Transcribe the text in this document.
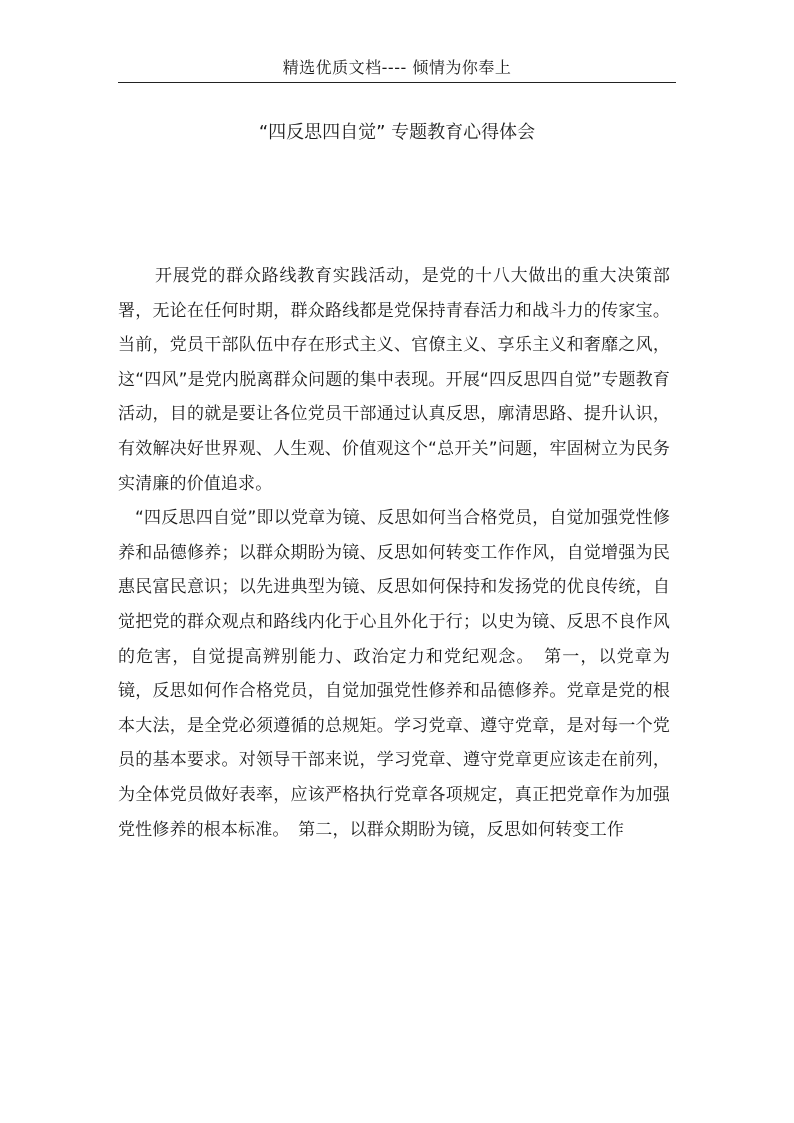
精选优质文档---- 倾情为你奉上
“四反思四自觉” 专题教育心得体会

开展党的群众路线教育实践活动，是党的十八大做出的重大决策部署，无论在任何时期，群众路线都是党保持青春活力和战斗力的传家宝。当前，党员干部队伍中存在形式主义、官僚主义、享乐主义和奢靡之风，这“四风”是党内脱离群众问题的集中表现。开展“四反思四自觉”专题教育活动，目的就是要让各位党员干部通过认真反思，廓清思路、提升认识，有效解决好世界观、人生观、价值观这个“总开关”问题，牢固树立为民务实清廉的价值追求。

“四反思四自觉”即以党章为镜、反思如何当合格党员，自觉加强党性修养和品德修养；以群众期盼为镜、反思如何转变工作作风，自觉增强为民惠民富民意识；以先进典型为镜、反思如何保持和发扬党的优良传统，自觉把党的群众观点和路线内化于心且外化于行；以史为镜、反思不良作风的危害，自觉提高辨别能力、政治定力和党纪观念。　第一，以党章为镜，反思如何作合格党员，自觉加强党性修养和品德修养。党章是党的根本大法，是全党必须遵循的总规矩。学习党章、遵守党章，是对每一个党员的基本要求。对领导干部来说，学习党章、遵守党章更应该走在前列，为全体党员做好表率，应该严格执行党章各项规定，真正把党章作为加强党性修养的根本标准。　第二，以群众期盼为镜，反思如何转变工作
